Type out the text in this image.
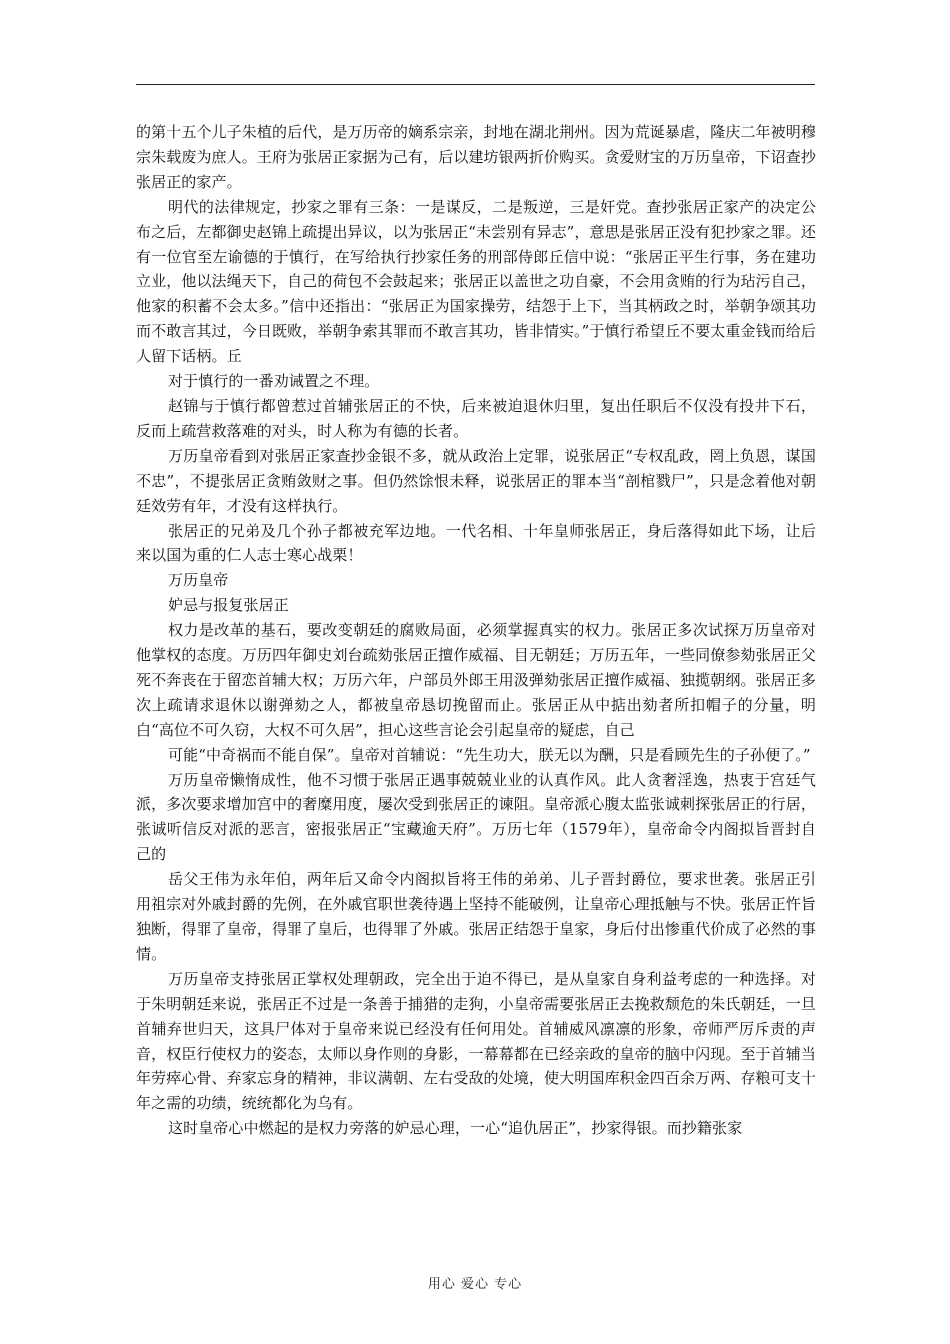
的第十五个儿子朱植的后代，是万历帝的嫡系宗亲，封地在湖北荆州。因为荒诞暴虐，隆庆二年被明穆宗朱载废为庶人。王府为张居正家据为己有，后以建坊银两折价购买。贪爱财宝的万历皇帝，下诏查抄张居正的家产。

明代的法律规定，抄家之罪有三条：一是谋反，二是叛逆，三是奸党。查抄张居正家产的决定公布之后，左都御史赵锦上疏提出异议，以为张居正“未尝别有异志”，意思是张居正没有犯抄家之罪。还有一位官至左谕德的于慎行，在写给执行抄家任务的刑部侍郎丘信中说：“张居正平生行事，务在建功立业，他以法绳天下，自己的荷包不会鼓起来；张居正以盖世之功自豪，不会用贪贿的行为玷污自己，他家的积蓄不会太多。”信中还指出：“张居正为国家操劳，结怨于上下，当其柄政之时，举朝争颂其功而不敢言其过，今日既败，举朝争索其罪而不敢言其功，皆非情实。”于慎行希望丘不要太重金钱而给后人留下话柄。丘

对于慎行的一番劝诫置之不理。

赵锦与于慎行都曾惹过首辅张居正的不快，后来被迫退休归里，复出任职后不仅没有投井下石，反而上疏营救落难的对头，时人称为有德的长者。

万历皇帝看到对张居正家查抄金银不多，就从政治上定罪，说张居正“专权乱政，罔上负恩，谋国不忠”，不提张居正贪贿敛财之事。但仍然馀恨未释，说张居正的罪本当“剖棺戮尸”，只是念着他对朝廷效劳有年，才没有这样执行。

张居正的兄弟及几个孙子都被充军边地。一代名相、十年皇师张居正，身后落得如此下场，让后来以国为重的仁人志士寒心战栗！

万历皇帝

妒忌与报复张居正

权力是改革的基石，要改变朝廷的腐败局面，必须掌握真实的权力。张居正多次试探万历皇帝对他掌权的态度。万历四年御史刘台疏劾张居正擅作威福、目无朝廷；万历五年，一些同僚参劾张居正父死不奔丧在于留恋首辅大权；万历六年，户部员外郎王用汲弹劾张居正擅作威福、独揽朝纲。张居正多次上疏请求退休以谢弹劾之人，都被皇帝恳切挽留而止。张居正从中掂出劾者所扣帽子的分量，明白“高位不可久窃，大权不可久居”，担心这些言论会引起皇帝的疑虑，自己

可能“中奇祸而不能自保”。皇帝对首辅说：“先生功大，朕无以为酬，只是看顾先生的子孙便了。”

万历皇帝懒惰成性，他不习惯于张居正遇事兢兢业业的认真作风。此人贪奢淫逸，热衷于宫廷气派，多次要求增加宫中的奢糜用度，屡次受到张居正的谏阻。皇帝派心腹太监张诚刺探张居正的行居，张诚听信反对派的恶言，密报张居正“宝藏逾天府”。万历七年（1579年），皇帝命令内阁拟旨晋封自己的

岳父王伟为永年伯，两年后又命令内阁拟旨将王伟的弟弟、儿子晋封爵位，要求世袭。张居正引用祖宗对外戚封爵的先例，在外戚官职世袭待遇上坚持不能破例，让皇帝心理抵触与不快。张居正忤旨独断，得罪了皇帝，得罪了皇后，也得罪了外戚。张居正结怨于皇家，身后付出惨重代价成了必然的事情。

万历皇帝支持张居正掌权处理朝政，完全出于迫不得已，是从皇家自身利益考虑的一种选择。对于朱明朝廷来说，张居正不过是一条善于捕猎的走狗，小皇帝需要张居正去挽救颓危的朱氏朝廷，一旦首辅弃世归天，这具尸体对于皇帝来说已经没有任何用处。首辅威风凛凛的形象，帝师严厉斥责的声音，权臣行使权力的姿态，太师以身作则的身影，一幕幕都在已经亲政的皇帝的脑中闪现。至于首辅当年劳瘁心骨、弃家忘身的精神，非议满朝、左右受敌的处境，使大明国库积金四百余万两、存粮可支十年之需的功绩，统统都化为乌有。

这时皇帝心中燃起的是权力旁落的妒忌心理，一心“追仇居正”，抄家得银。而抄籍张家

用心 爱心 专心
